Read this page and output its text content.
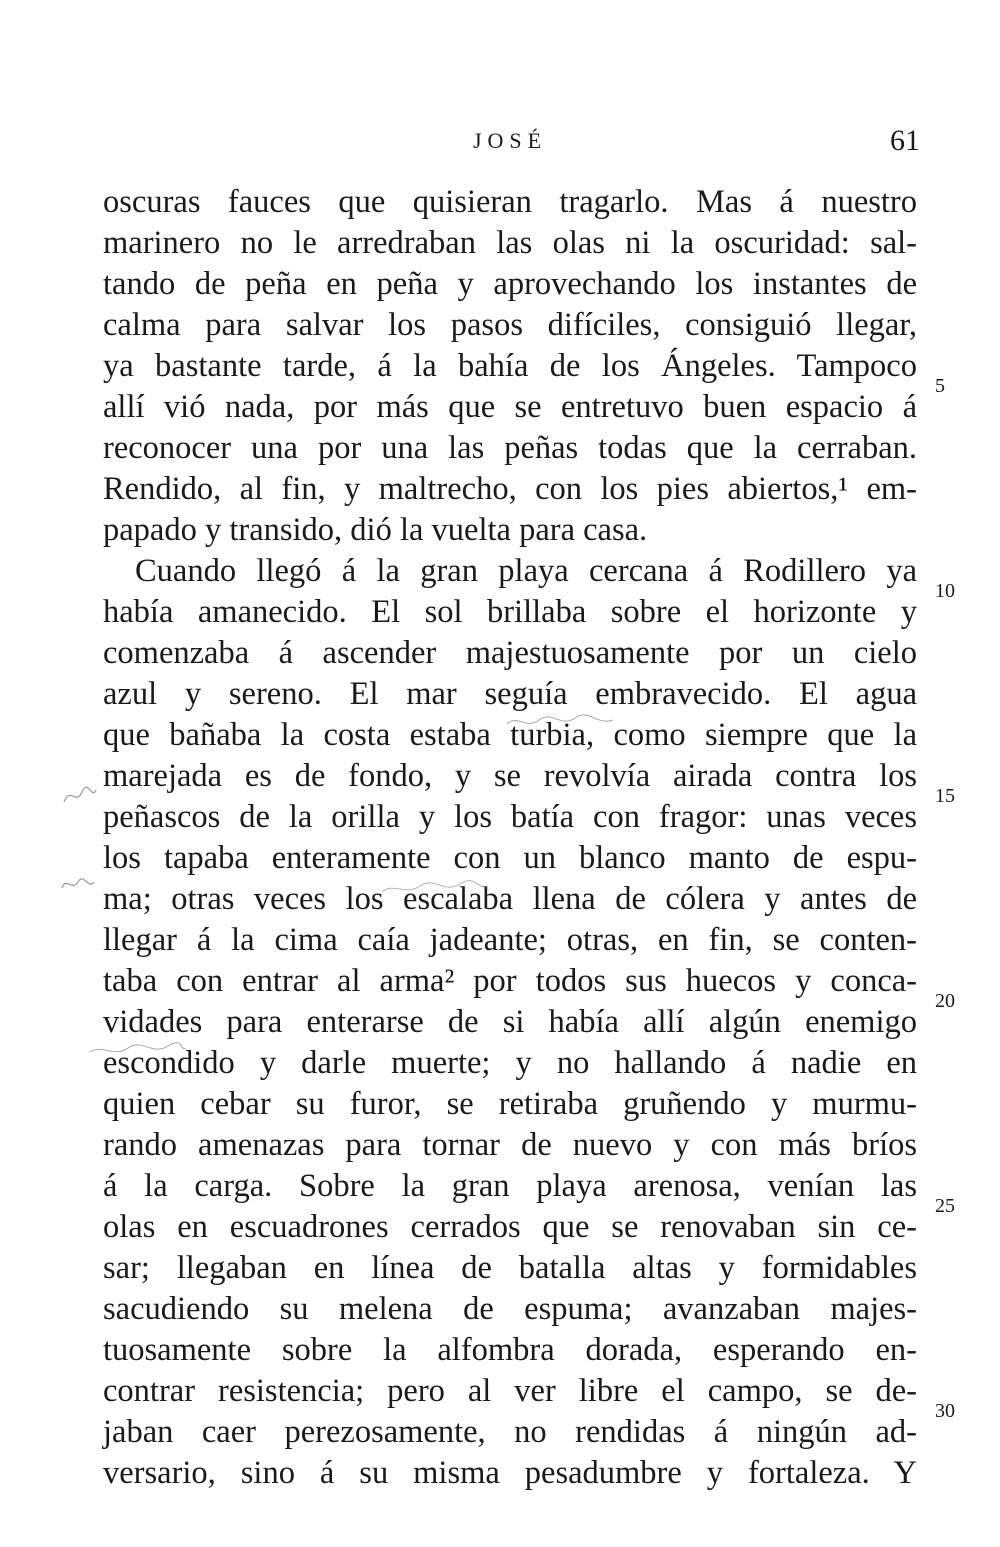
JOSÉ	61
oscuras fauces que quisieran tragarlo. Mas á nuestro
marinero no le arredraban las olas ni la oscuridad: sal-
tando de peña en peña y aprovechando los instantes de
calma para salvar los pasos difíciles, consiguió llegar,
ya bastante tarde, á la bahía de los Ángeles. Tampoco
allí vió nada, por más que se entretuvo buen espacio á
reconocer una por una las peñas todas que la cerraban.
Rendido, al fin, y maltrecho, con los pies abiertos,¹ em-
papado y transido, dió la vuelta para casa.
Cuando llegó á la gran playa cercana á Rodillero ya
había amanecido. El sol brillaba sobre el horizonte y
comenzaba á ascender majestuosamente por un cielo
azul y sereno. El mar seguía embravecido. El agua
que bañaba la costa estaba turbia, como siempre que la
marejada es de fondo, y se revolvía airada contra los
peñascos de la orilla y los batía con fragor: unas veces
los tapaba enteramente con un blanco manto de espu-
ma; otras veces los escalaba llena de cólera y antes de
llegar á la cima caía jadeante; otras, en fin, se conten-
taba con entrar al arma² por todos sus huecos y conca-
vidades para enterarse de si había allí algún enemigo
escondido y darle muerte; y no hallando á nadie en
quien cebar su furor, se retiraba gruñendo y murmu-
rando amenazas para tornar de nuevo y con más bríos
á la carga. Sobre la gran playa arenosa, venían las
olas en escuadrones cerrados que se renovaban sin ce-
sar; llegaban en línea de batalla altas y formidables
sacudiendo su melena de espuma; avanzaban majes-
tuosamente sobre la alfombra dorada, esperando en-
contrar resistencia; pero al ver libre el campo, se de-
jaban caer perezosamente, no rendidas á ningún ad-
versario, sino á su misma pesadumbre y fortaleza. Y
5
10
15
20
25
30
